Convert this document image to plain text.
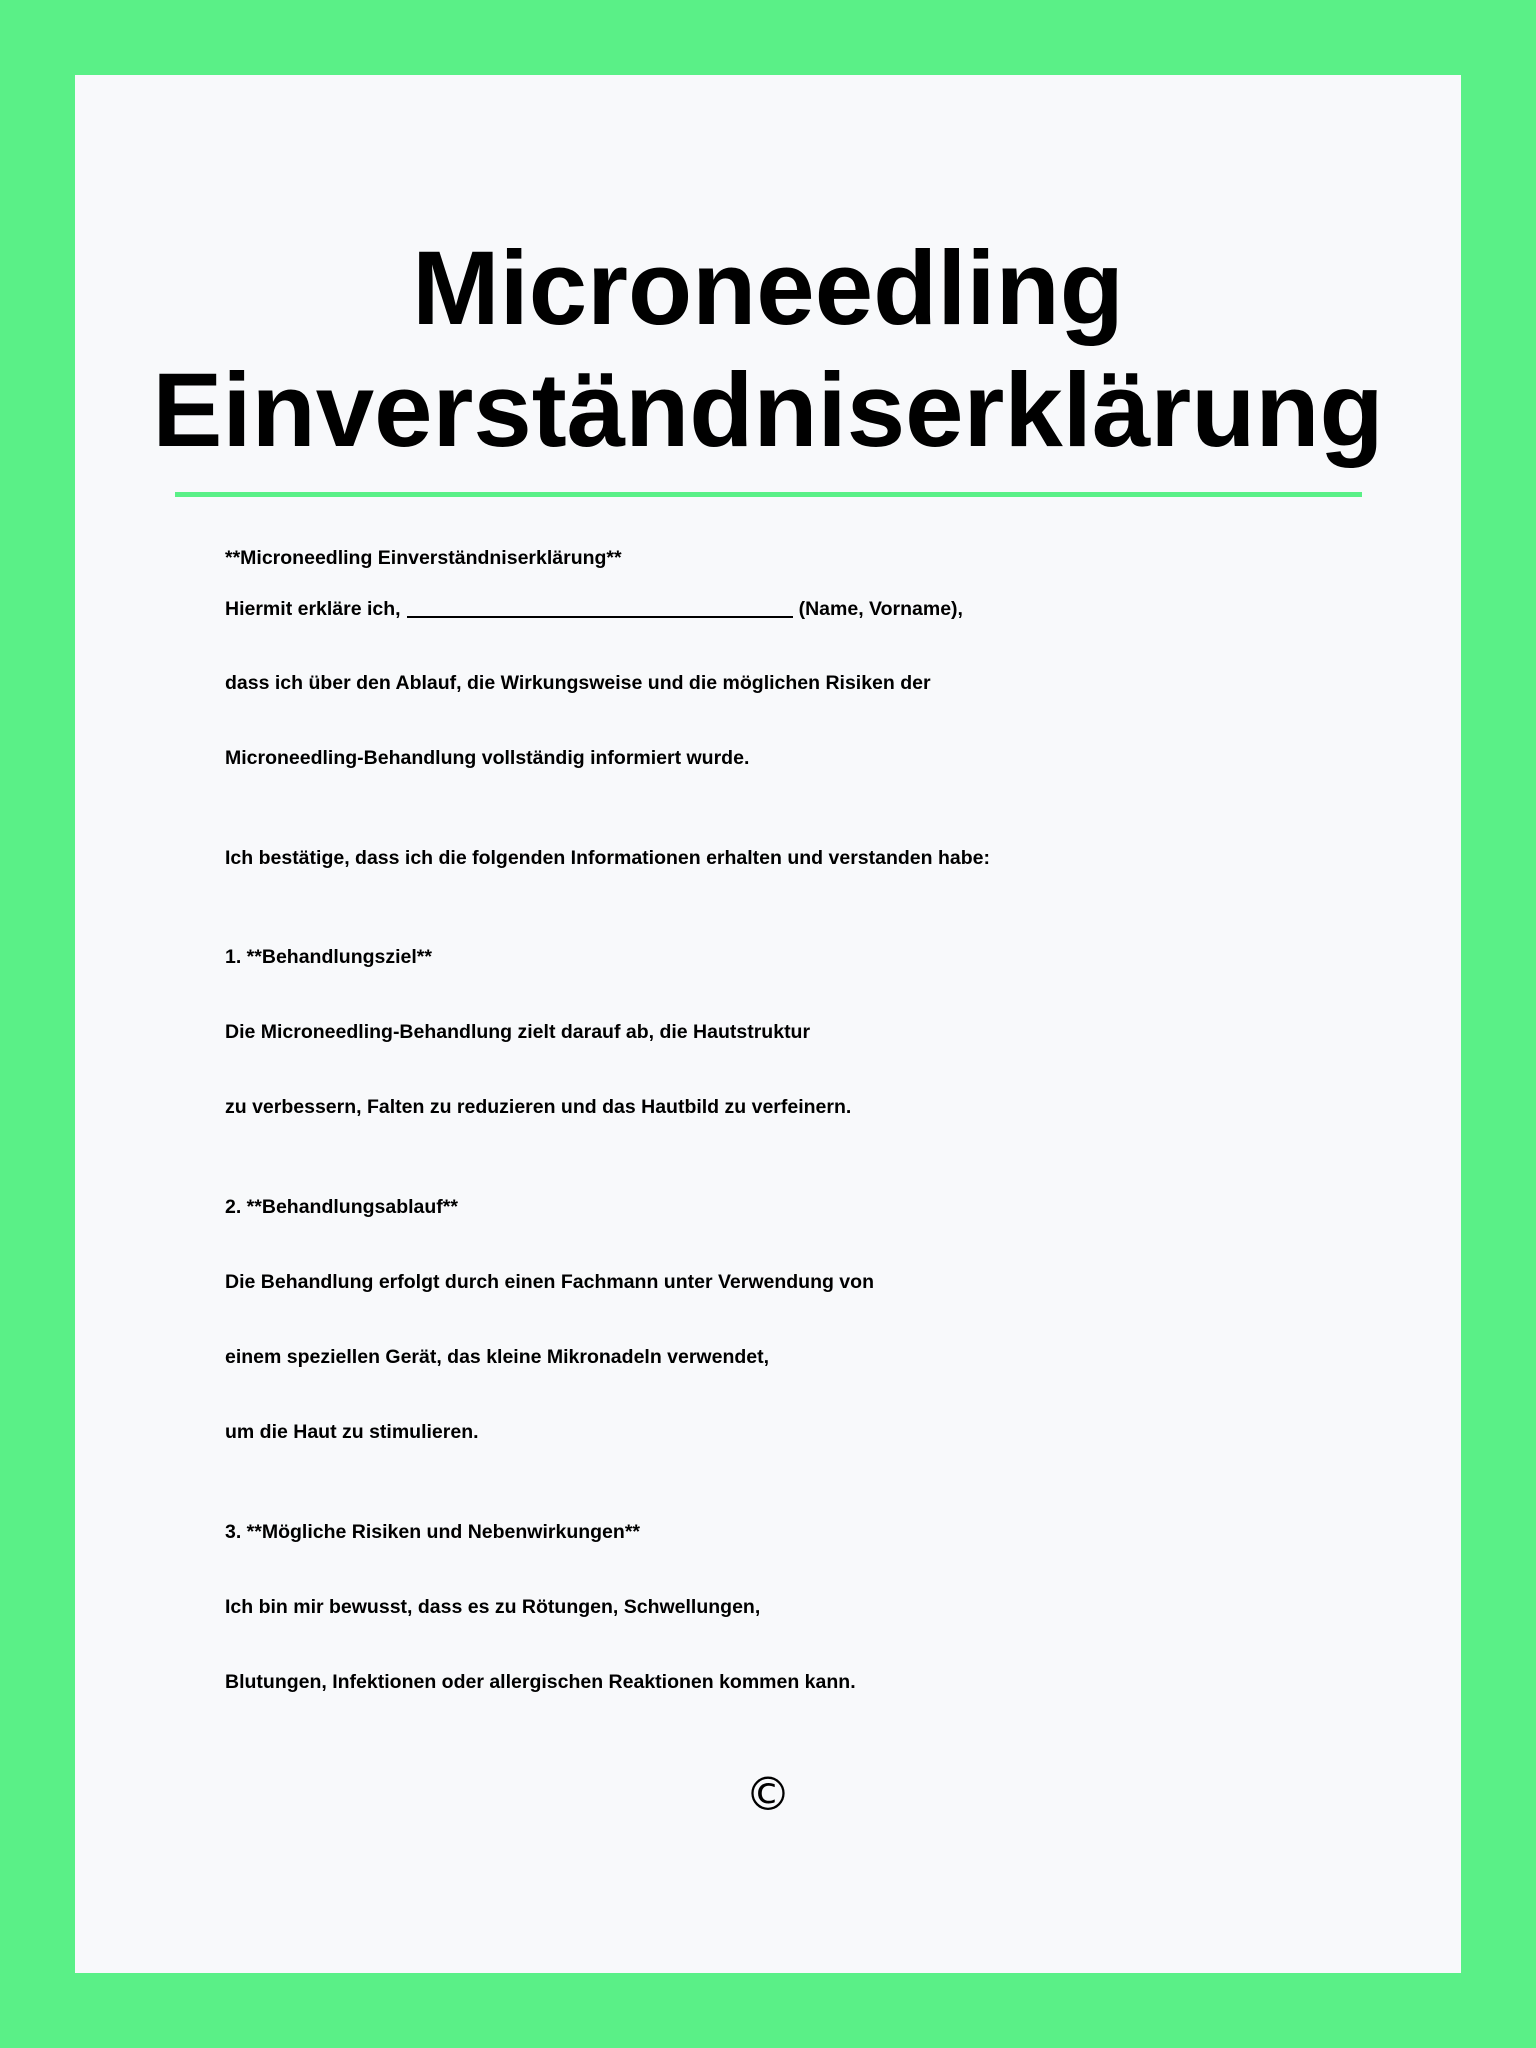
Microneedling
Einverständniserklärung

**Microneedling Einverständniserklärung**

Hiermit erkläre ich,	(Name, Vorname),

dass ich über den Ablauf, die Wirkungsweise und die möglichen Risiken der

Microneedling-Behandlung vollständig informiert wurde.

Ich bestätige, dass ich die folgenden Informationen erhalten und verstanden habe:

1. **Behandlungsziel**

Die Microneedling-Behandlung zielt darauf ab, die Hautstruktur

zu verbessern, Falten zu reduzieren und das Hautbild zu verfeinern.

2. **Behandlungsablauf**

Die Behandlung erfolgt durch einen Fachmann unter Verwendung von

einem speziellen Gerät, das kleine Mikronadeln verwendet,

um die Haut zu stimulieren.

3. **Mögliche Risiken und Nebenwirkungen**

Ich bin mir bewusst, dass es zu Rötungen, Schwellungen,

Blutungen, Infektionen oder allergischen Reaktionen kommen kann.

©
